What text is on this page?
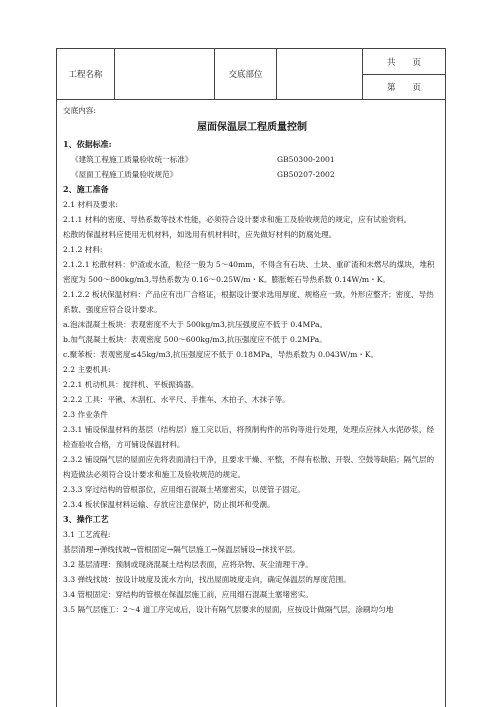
工程名称	交底部位
共　　页
第　　页
交底内容:
屋面保温层工程质量控制
1、依据标准:
《建筑工程施工质量验收统一标准》	GB50300-2001
《屋面工程施工质量验收规范》	GB50207-2002
2、施工准备
2.1 材料及要求:
2.1.1 材料的密度、导热系数等技术性能，必须符合设计要求和施工及验收规范的规定，应有试验资料。
松散的保温材料应使用无机材料，如选用有机材料时，应先做好材料的防腐处理。
2.1.2 材料:
2.1.2.1 松散材料：炉渣或水渣，粒径一般为 5～40mm，不得含有石块、土块、重矿渣和未燃尽的煤块，堆积密度为 500～800kg/m3,导热系数为 0.16～0.25W/m・K。膨胀蛭石导热系数 0.14W/m・K。
2.1.2.2 板状保温材料：产品应有出厂合格证，根据设计要求选用厚度、规格应一致，外形应整齐；密度、导热系数、强度应符合设计要求。
a.泡沫混凝土板块：表观密度不大于 500kg/m3,抗压强度应不低于 0.4MPa。
b.加气混凝土板块：表观密度 500～600kg/m3,抗压强度应不低于 0.2MPa。
c.聚苯板：表观密度≤45kg/m3,抗压强度应不低于 0.18MPa，导热系数为 0.043W/m・K。
2.2 主要机具:
2.2.1 机动机具：搅拌机、平板振捣器。
2.2.2 工具：平锹、木刮杠、水平尺、手推车、木拍子、木抹子等。
2.3 作业条件
2.3.1 铺设保温材料的基层（结构层）施工完以后，将预制构件的吊钩等进行处理，处理点应抹入水泥砂浆，经检查验收合格，方可铺设保温材料。
2.3.2 铺设隔气层的屋面应先将表面清扫干净，且要求干燥、平整，不得有松散、开裂、空鼓等缺陷；隔气层的构造做法必须符合设计要求和施工及验收规范的规定。
2.3.3 穿过结构的管根部位，应用细石混凝土堵塞密实，以使管子固定。
2.3.4 板状保温材料运输、存放应注意保护，防止损坏和受潮。
3、操作工艺
3.1 工艺流程:
基层清理→弹线找坡→管根固定→隔气层施工→保温层铺设→抹找平层。
3.2 基层清理：预制或现浇混凝土结构层表面，应将杂物、灰尘清理干净。
3.3 弹线找坡：按设计坡度及流水方向，找出屋面坡度走向，确定保温层的厚度范围。
3.4 管根固定：穿结构的管根在保温层施工前，应用细石混凝土塞堵密实。
3.5 隔气层施工：2～4 道工序完成后，设计有隔气层要求的屋面，应按设计做隔气层，涂刷均匀地
